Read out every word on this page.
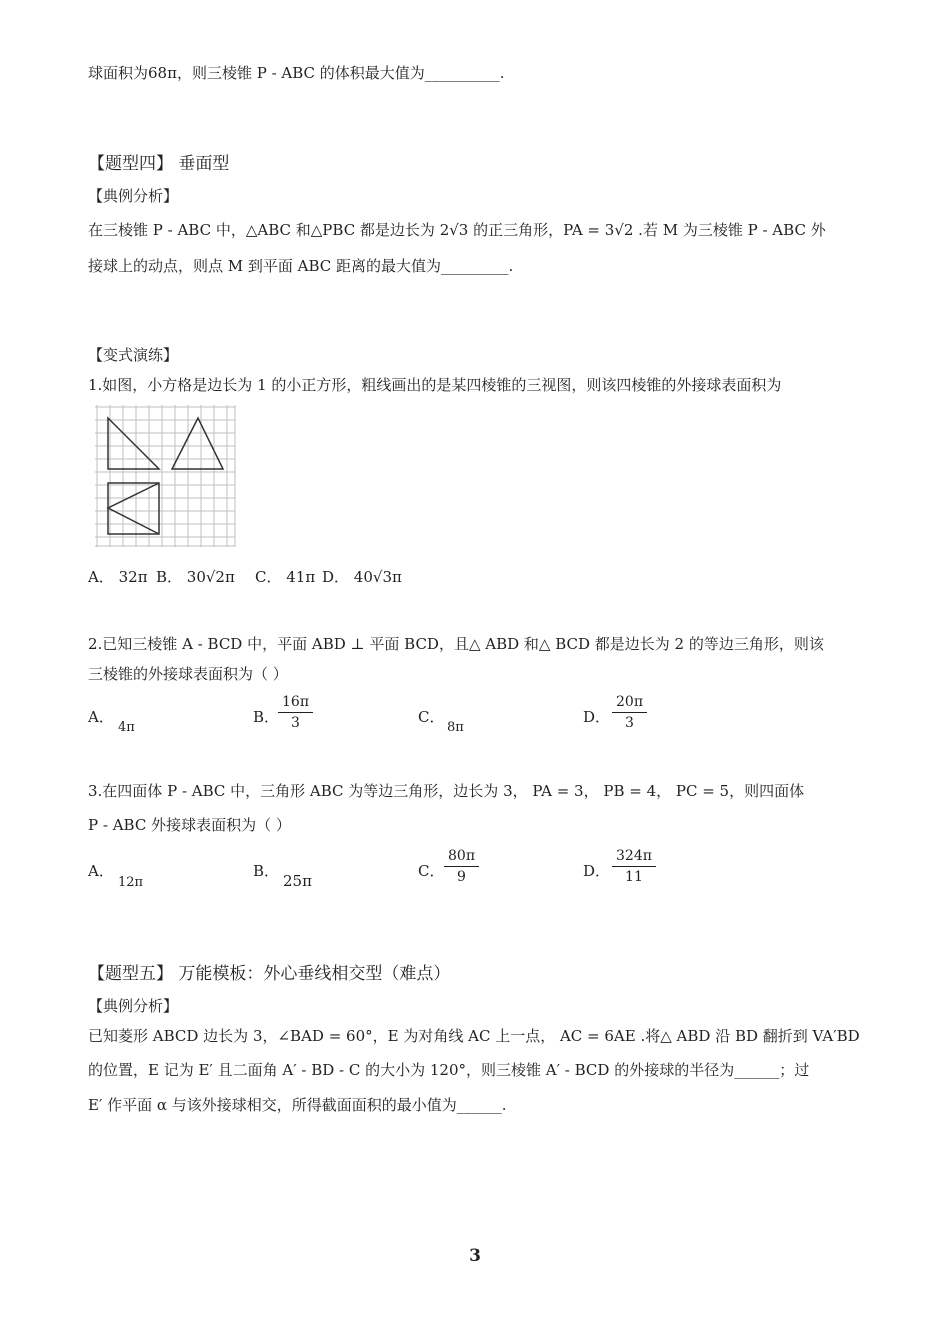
球面积为68π，则三棱锥 P - ABC 的体积最大值为__________.
【题型四】 垂面型
【典例分析】
在三棱锥 P - ABC 中，△ABC 和△PBC 都是边长为 2√3 的正三角形，PA = 3√2 .若 M 为三棱锥 P - ABC 外
接球上的动点，则点 M 到平面 ABC 距离的最大值为_________.
【变式演练】
1.如图，小方格是边长为 1 的小正方形，粗线画出的是某四棱锥的三视图，则该四棱锥的外接球表面积为
A． 32π B． 30√2π C． 41π D． 40√3π
2.已知三棱锥 A - BCD 中，平面 ABD ⊥ 平面 BCD，且△ ABD 和△ BCD 都是边长为 2 的等边三角形，则该
三棱锥的外接球表面积为（ ）
A．
4π
B．
$\frac{16\pi}{3}$	C．
8π
D． $\frac{20\pi}{3}$
3.在四面体 P - ABC 中，三角形 ABC 为等边三角形，边长为 3， PA = 3， PB = 4， PC = 5，则四面体
P - ABC 外接球表面积为（ ）
A．
12π
B．
25π
C． $\frac{80\pi}{9}$	D． $\frac{324\pi}{11}$
【题型五】 万能模板：外心垂线相交型（难点）
【典例分析】
已知菱形 ABCD 边长为 3，∠BAD = 60°，E 为对角线 AC 上一点， AC = 6AE .将△ ABD 沿 BD 翻折到 VA′BD
的位置，E 记为 E′ 且二面角 A′ - BD - C 的大小为 120°，则三棱锥 A′ - BCD 的外接球的半径为______；过
E′ 作平面 α 与该外接球相交，所得截面面积的最小值为______.
3
